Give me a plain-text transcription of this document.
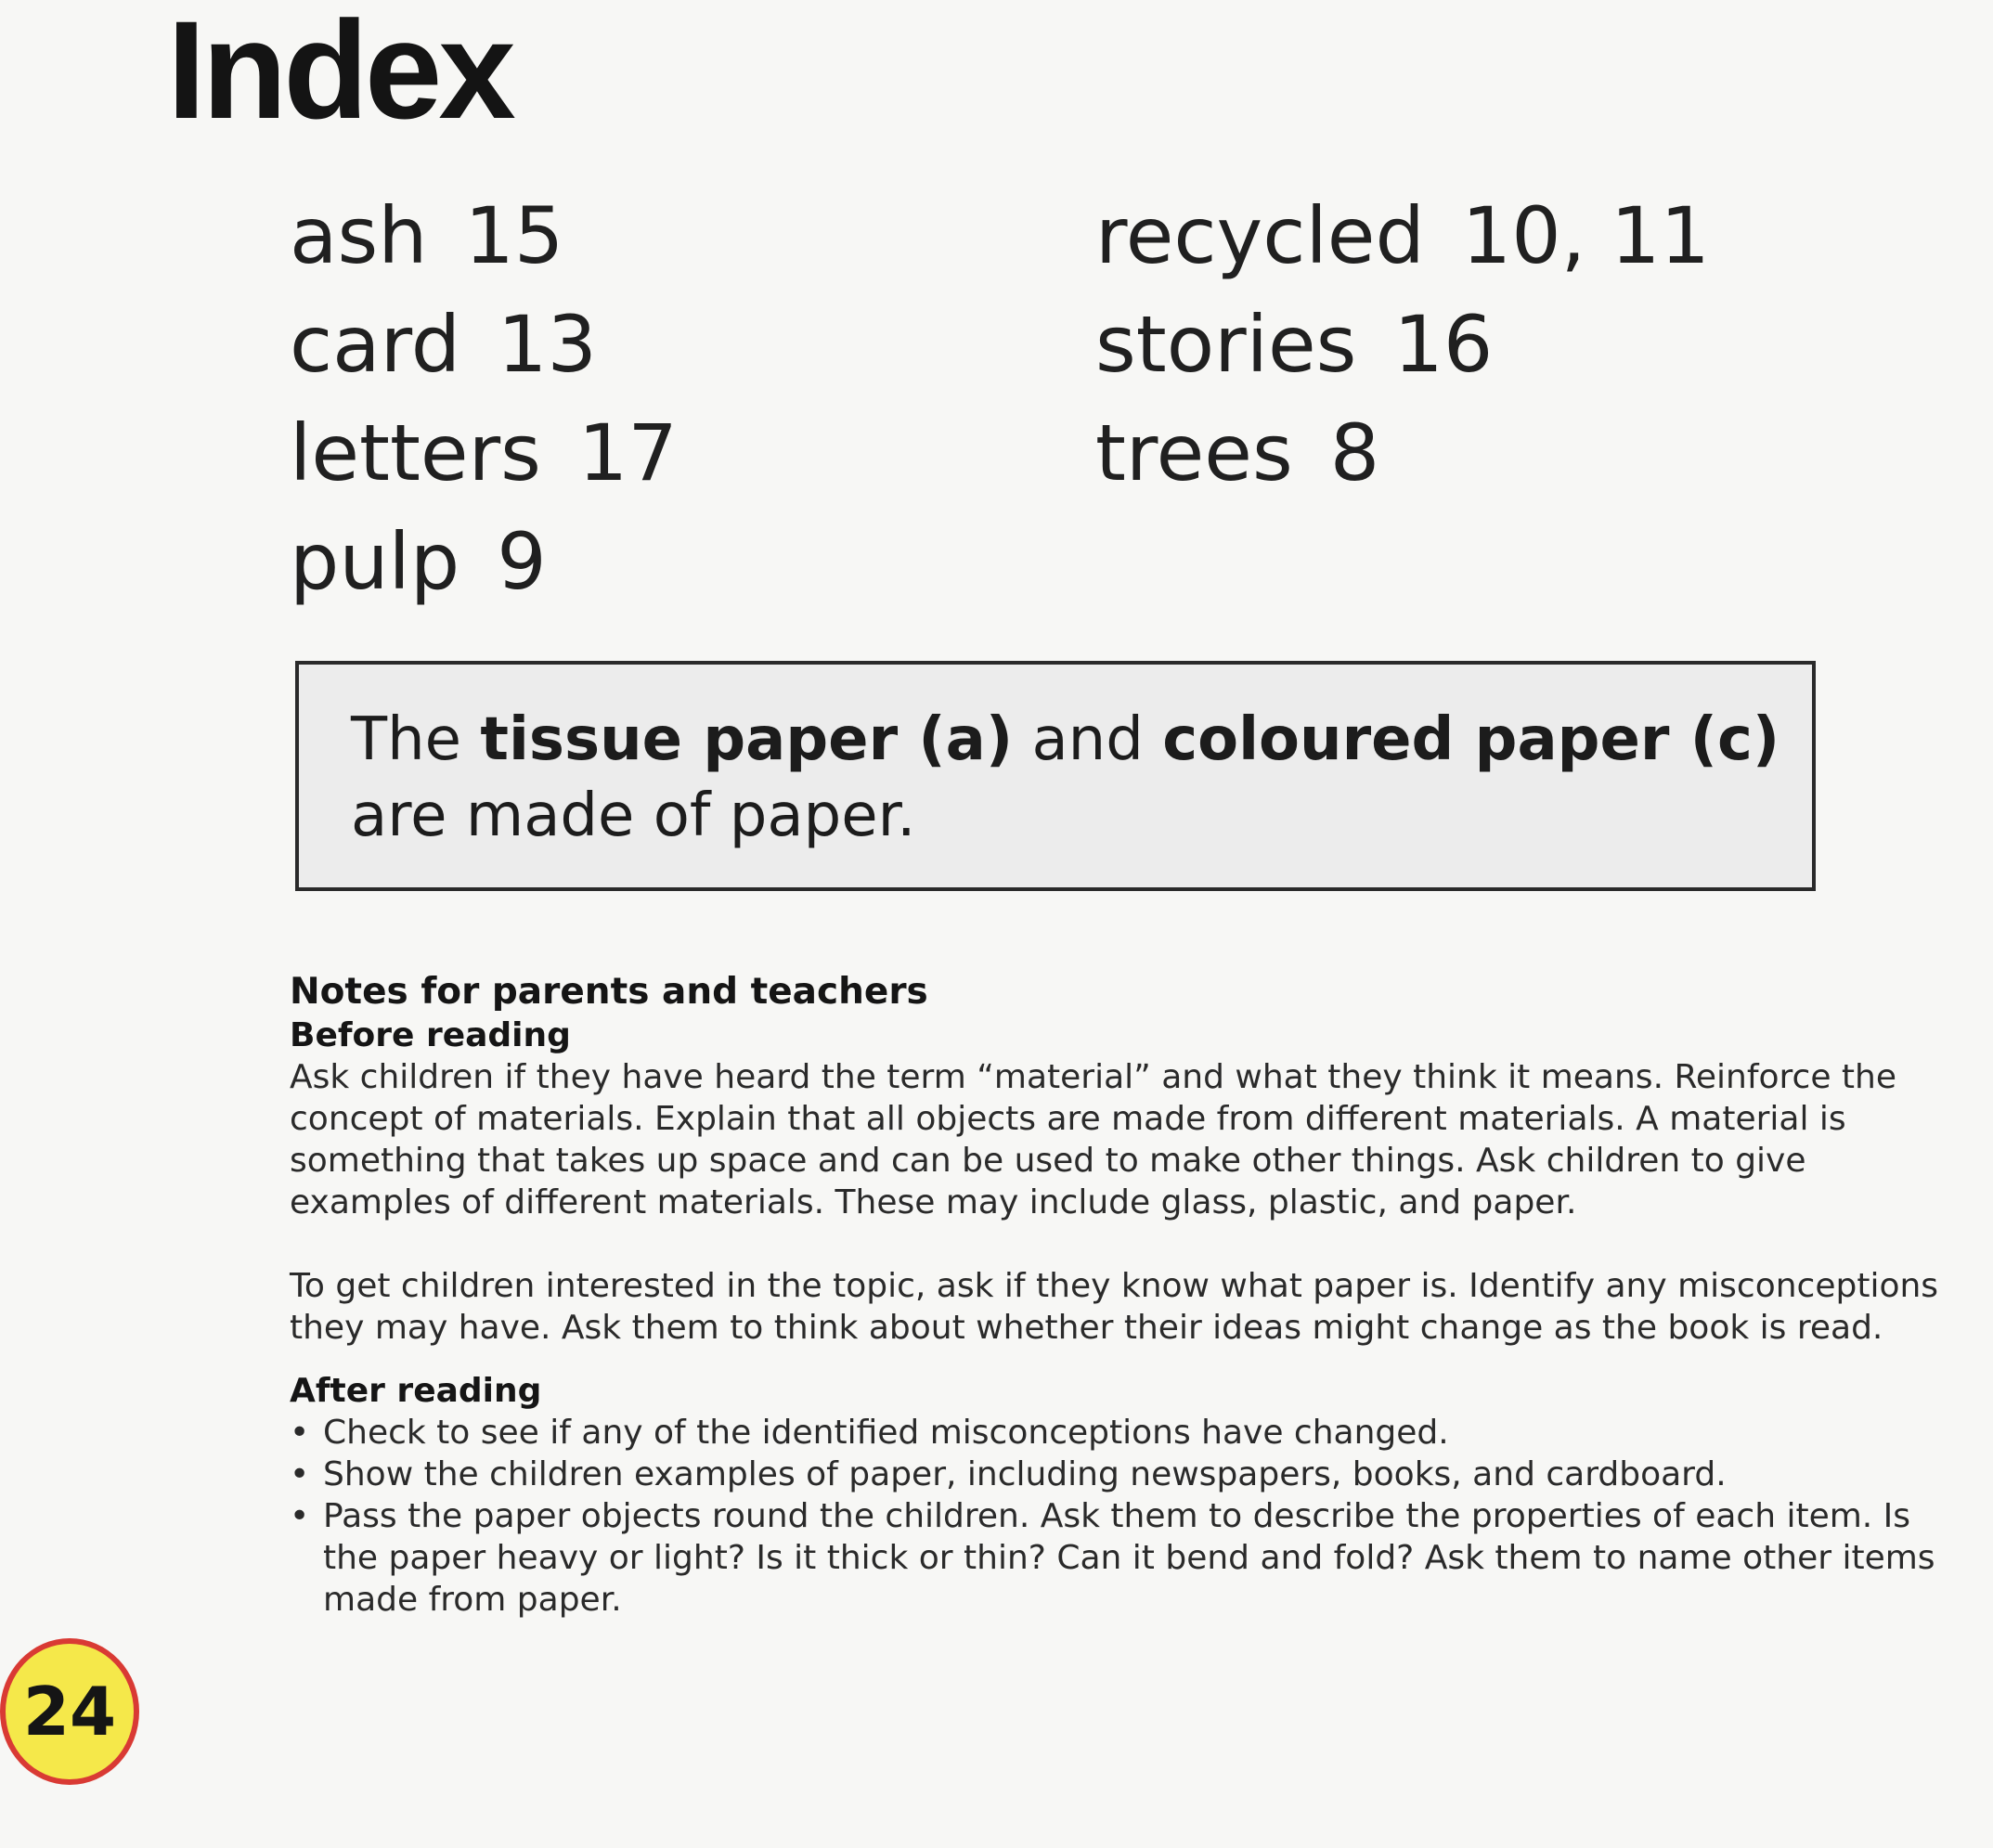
Index
ash 15
card 13
letters 17
pulp 9
recycled 10, 11
stories 16
trees 8
The tissue paper (a) and coloured paper (c) are made of paper.
Notes for parents and teachers
Before reading

Ask children if they have heard the term “material” and what they think it means. Reinforce the concept of materials. Explain that all objects are made from different materials. A material is something that takes up space and can be used to make other things. Ask children to give examples of different materials. These may include glass, plastic, and paper.

To get children interested in the topic, ask if they know what paper is. Identify any misconceptions they may have. Ask them to think about whether their ideas might change as the book is read.

After reading
• Check to see if any of the identified misconceptions have changed.
• Show the children examples of paper, including newspapers, books, and cardboard.
• Pass the paper objects round the children. Ask them to describe the properties of each item. Is the paper heavy or light? Is it thick or thin? Can it bend and fold? Ask them to name other items made from paper.
24
